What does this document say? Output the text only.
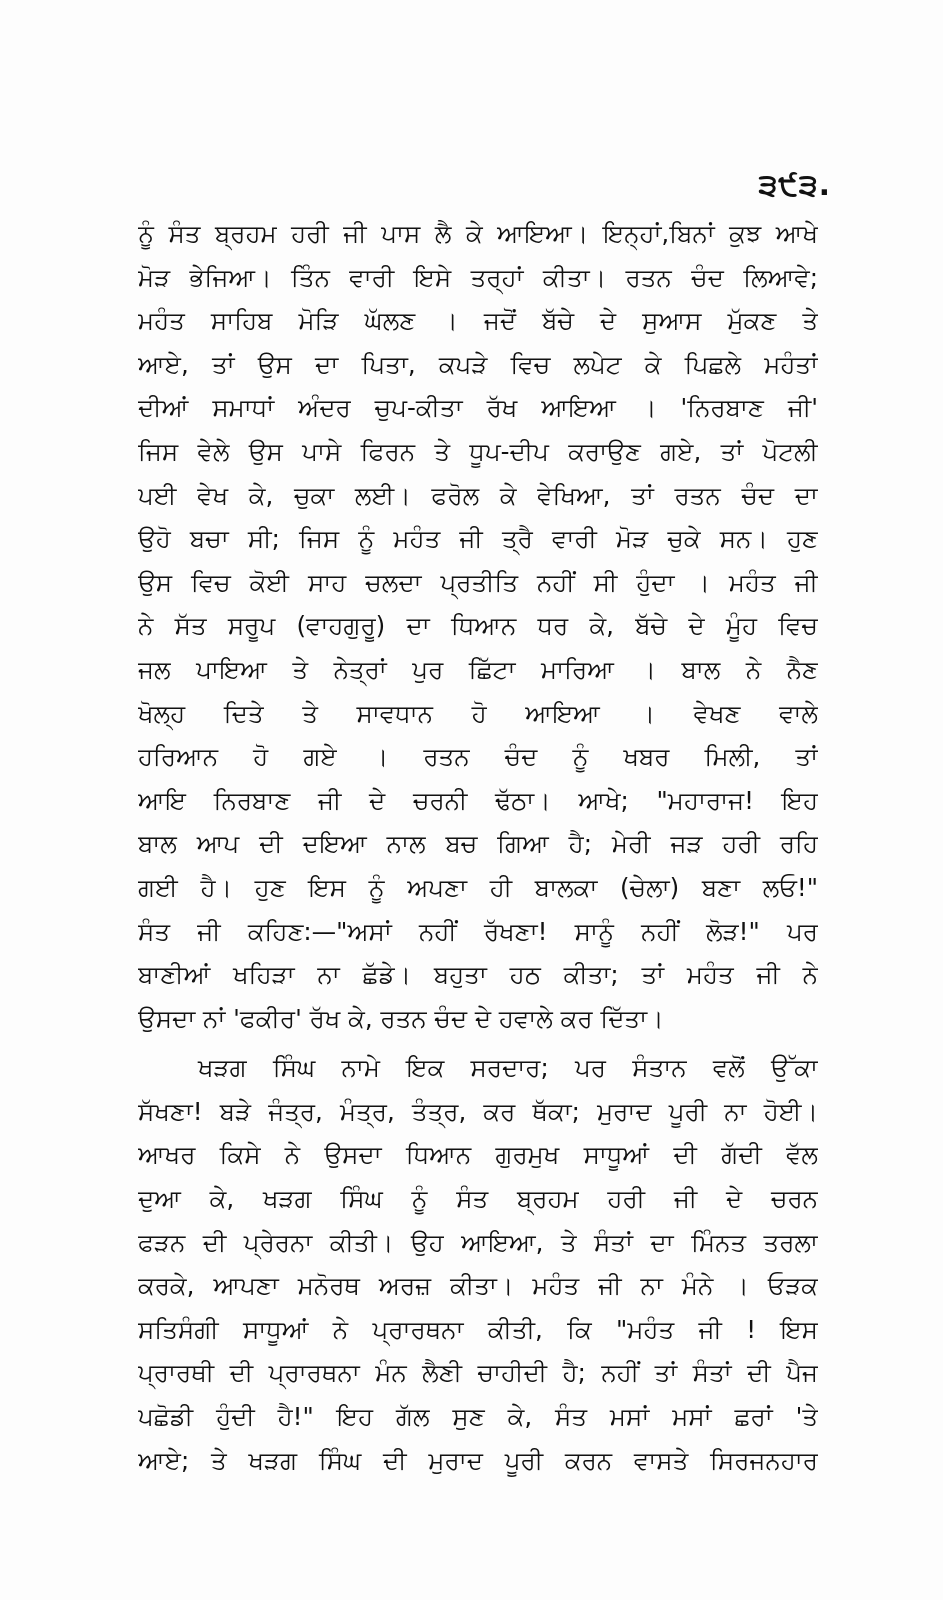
੩੯੩.
ਨੂੰ ਸੰਤ ਬ੍ਰਹਮ ਹਰੀ ਜੀ ਪਾਸ ਲੈ ਕੇ ਆਇਆ। ਇਨ੍ਹਾਂ,ਬਿਨਾਂ ਕੁਝ ਆਖੇ
ਮੋੜ ਭੇਜਿਆ। ਤਿੰਨ ਵਾਰੀ ਇਸੇ ਤਰ੍ਹਾਂ ਕੀਤਾ। ਰਤਨ ਚੰਦ ਲਿਆਵੇ;
ਮਹੰਤ ਸਾਹਿਬ ਮੋੜਿ ਘੱਲਣ । ਜਦੋਂ ਬੱਚੇ ਦੇ ਸੁਆਸ ਮੁੱਕਣ ਤੇ
ਆਏ, ਤਾਂ ਉਸ ਦਾ ਪਿਤਾ, ਕਪੜੇ ਵਿਚ ਲਪੇਟ ਕੇ ਪਿਛਲੇ ਮਹੰਤਾਂ
ਦੀਆਂ ਸਮਾਧਾਂ ਅੰਦਰ ਚੁਪ-ਕੀਤਾ ਰੱਖ ਆਇਆ । 'ਨਿਰਬਾਣ ਜੀ'
ਜਿਸ ਵੇਲੇ ਉਸ ਪਾਸੇ ਫਿਰਨ ਤੇ ਧੂਪ-ਦੀਪ ਕਰਾਉਣ ਗਏ, ਤਾਂ ਪੋਟਲੀ
ਪਈ ਵੇਖ ਕੇ, ਚੁਕਾ ਲਈ। ਫਰੋਲ ਕੇ ਵੇਖਿਆ, ਤਾਂ ਰਤਨ ਚੰਦ ਦਾ
ਉਹੋ ਬਚਾ ਸੀ; ਜਿਸ ਨੂੰ ਮਹੰਤ ਜੀ ਤ੍ਰੈ ਵਾਰੀ ਮੋੜ ਚੁਕੇ ਸਨ। ਹੁਣ
ਉਸ ਵਿਚ ਕੋਈ ਸਾਹ ਚਲਦਾ ਪ੍ਰਤੀਤਿ ਨਹੀਂ ਸੀ ਹੁੰਦਾ । ਮਹੰਤ ਜੀ
ਨੇ ਸੱਤ ਸਰੂਪ (ਵਾਹਗੁਰੂ) ਦਾ ਧਿਆਨ ਧਰ ਕੇ, ਬੱਚੇ ਦੇ ਮੂੰਹ ਵਿਚ
ਜਲ ਪਾਇਆ ਤੇ ਨੇਤ੍ਰਾਂ ਪੁਰ ਛਿੱਟਾ ਮਾਰਿਆ । ਬਾਲ ਨੇ ਨੈਣ
ਖੋਲ੍ਹ ਦਿਤੇ ਤੇ ਸਾਵਧਾਨ ਹੋ ਆਇਆ । ਵੇਖਣ ਵਾਲੇ
ਹਰਿਆਨ ਹੋ ਗਏ । ਰਤਨ ਚੰਦ ਨੂੰ ਖਬਰ ਮਿਲੀ, ਤਾਂ
ਆਇ ਨਿਰਬਾਣ ਜੀ ਦੇ ਚਰਨੀ ਢੱਠਾ। ਆਖੇ; "ਮਹਾਰਾਜ! ਇਹ
ਬਾਲ ਆਪ ਦੀ ਦਇਆ ਨਾਲ ਬਚ ਗਿਆ ਹੈ; ਮੇਰੀ ਜੜ ਹਰੀ ਰਹਿ
ਗਈ ਹੈ। ਹੁਣ ਇਸ ਨੂੰ ਅਪਣਾ ਹੀ ਬਾਲਕਾ (ਚੇਲਾ) ਬਣਾ ਲਓ!"
ਸੰਤ ਜੀ ਕਹਿਣ:—"ਅਸਾਂ ਨਹੀਂ ਰੱਖਣਾ! ਸਾਨੂੰ ਨਹੀਂ ਲੋੜ!" ਪਰ
ਬਾਣੀਆਂ ਖਹਿੜਾ ਨਾ ਛੱਡੇ। ਬਹੁਤਾ ਹਠ ਕੀਤਾ; ਤਾਂ ਮਹੰਤ ਜੀ ਨੇ
ਉਸਦਾ ਨਾਂ 'ਫਕੀਰ' ਰੱਖ ਕੇ, ਰਤਨ ਚੰਦ ਦੇ ਹਵਾਲੇ ਕਰ ਦਿੱਤਾ।
ਖੜਗ ਸਿੰਘ ਨਾਮੇ ਇਕ ਸਰਦਾਰ; ਪਰ ਸੰਤਾਨ ਵਲੋਂ ਉੱਕਾ
ਸੱਖਣਾ! ਬੜੇ ਜੰਤ੍ਰ, ਮੰਤ੍ਰ, ਤੰਤ੍ਰ, ਕਰ ਥੱਕਾ; ਮੁਰਾਦ ਪੂਰੀ ਨਾ ਹੋਈ।
ਆਖਰ ਕਿਸੇ ਨੇ ਉਸਦਾ ਧਿਆਨ ਗੁਰਮੁਖ ਸਾਧੂਆਂ ਦੀ ਗੱਦੀ ਵੱਲ
ਦੁਆ ਕੇ, ਖੜਗ ਸਿੰਘ ਨੂੰ ਸੰਤ ਬ੍ਰਹਮ ਹਰੀ ਜੀ ਦੇ ਚਰਨ
ਫੜਨ ਦੀ ਪ੍ਰੇਰਨਾ ਕੀਤੀ। ਉਹ ਆਇਆ, ਤੇ ਸੰਤਾਂ ਦਾ ਮਿੰਨਤ ਤਰਲਾ
ਕਰਕੇ, ਆਪਣਾ ਮਨੋਰਥ ਅਰਜ਼ ਕੀਤਾ। ਮਹੰਤ ਜੀ ਨਾ ਮੰਨੇ । ਓੜਕ
ਸਤਿਸੰਗੀ ਸਾਧੂਆਂ ਨੇ ਪ੍ਰਾਰਥਨਾ ਕੀਤੀ, ਕਿ "ਮਹੰਤ ਜੀ ! ਇਸ
ਪ੍ਰਾਰਥੀ ਦੀ ਪ੍ਰਾਰਥਨਾ ਮੰਨ ਲੈਣੀ ਚਾਹੀਦੀ ਹੈ; ਨਹੀਂ ਤਾਂ ਸੰਤਾਂ ਦੀ ਪੈਜ
ਪਛੋਡੀ ਹੁੰਦੀ ਹੈ!" ਇਹ ਗੱਲ ਸੁਣ ਕੇ, ਸੰਤ ਮਸਾਂ ਮਸਾਂ ਛਰਾਂ 'ਤੇ
ਆਏ; ਤੇ ਖੜਗ ਸਿੰਘ ਦੀ ਮੁਰਾਦ ਪੂਰੀ ਕਰਨ ਵਾਸਤੇ ਸਿਰਜਨਹਾਰ
